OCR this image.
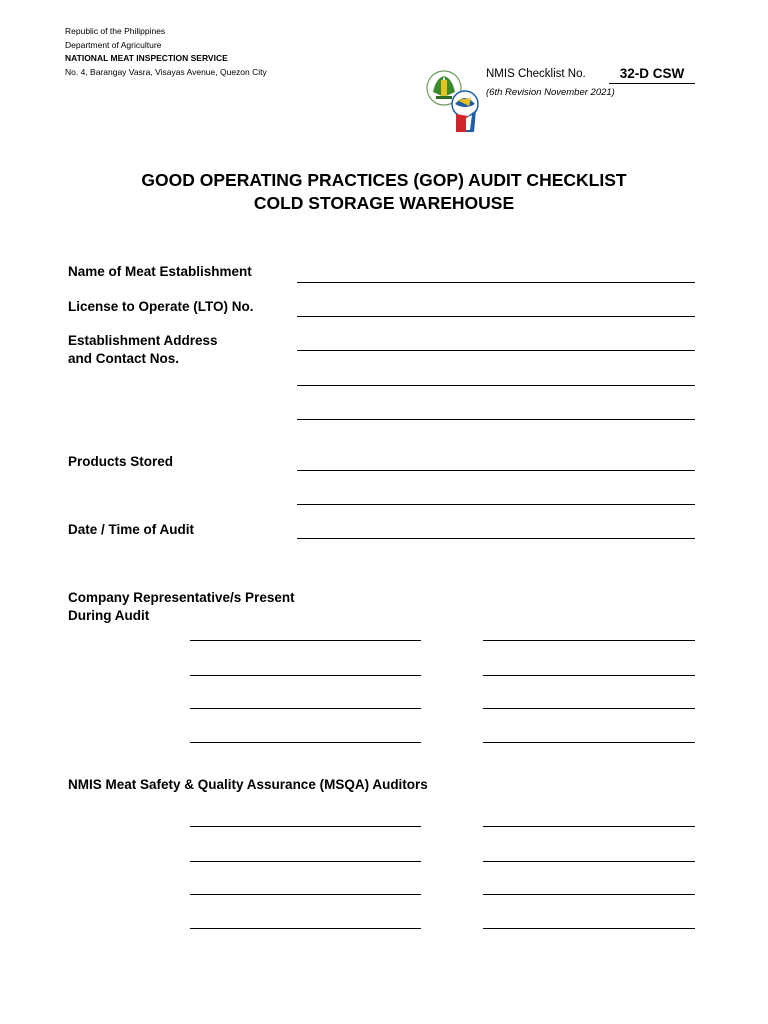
Republic of the Philippines
Department of Agriculture
NATIONAL MEAT INSPECTION SERVICE
No. 4, Barangay Vasra, Visayas Avenue, Quezon City	NMIS Checklist No.	32-D CSW
(6th Revision November 2021)
GOOD OPERATING PRACTICES (GOP) AUDIT CHECKLIST
COLD STORAGE WAREHOUSE
Name of Meat Establishment
License to Operate (LTO) No.
Establishment Address
and Contact Nos.
Products Stored
Date / Time of Audit
Company Representative/s Present
During Audit
NMIS Meat Safety & Quality Assurance (MSQA) Auditors
